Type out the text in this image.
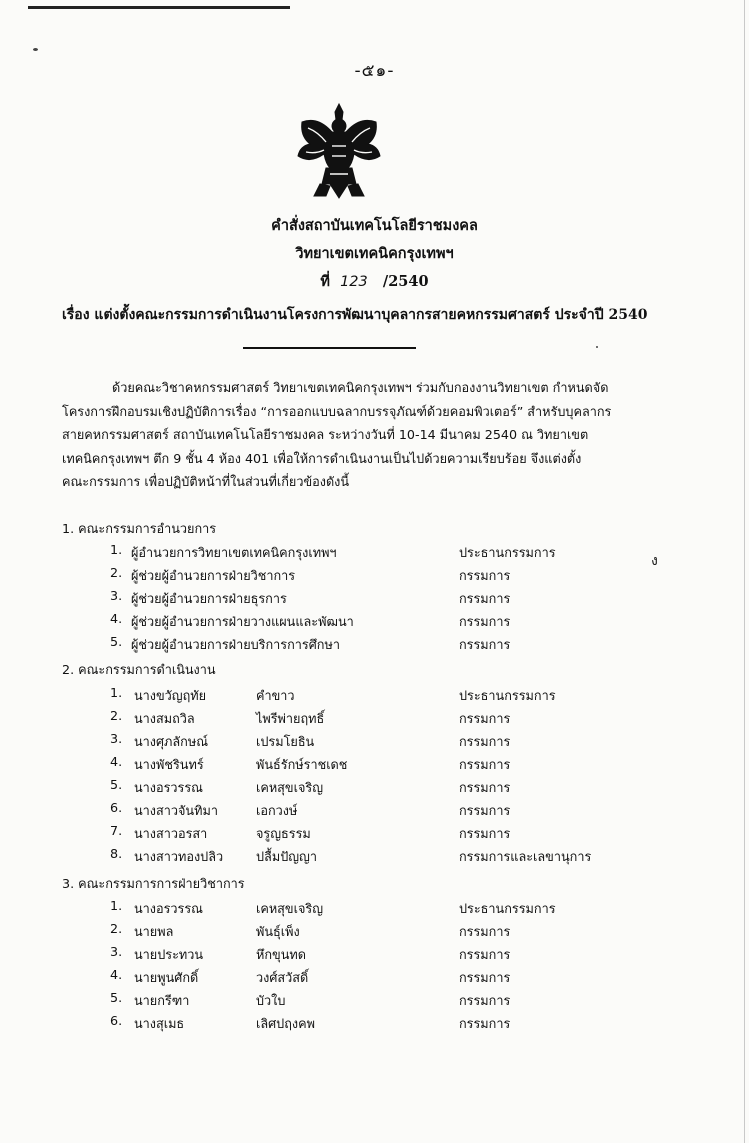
-๕๑-
คำสั่งสถาบันเทคโนโลยีราชมงคล
วิทยาเขตเทคนิคกรุงเทพฯ
ที่ 123 /2540
เรื่อง แต่งตั้งคณะกรรมการดำเนินงานโครงการพัฒนาบุคลากรสายคหกรรมศาสตร์ ประจำปี 2540
ด้วยคณะวิชาคหกรรมศาสตร์ วิทยาเขตเทคนิคกรุงเทพฯ ร่วมกับกองงานวิทยาเขต กำหนดจัด
โครงการฝึกอบรมเชิงปฏิบัติการเรื่อง “การออกแบบฉลากบรรจุภัณฑ์ด้วยคอมพิวเตอร์” สำหรับบุคลากร
สายคหกรรมศาสตร์ สถาบันเทคโนโลยีราชมงคล ระหว่างวันที่ 10-14 มีนาคม 2540 ณ วิทยาเขต
เทคนิคกรุงเทพฯ ตึก 9 ชั้น 4 ห้อง 401 เพื่อให้การดำเนินงานเป็นไปด้วยความเรียบร้อย จึงแต่งตั้ง
คณะกรรมการ เพื่อปฏิบัติหน้าที่ในส่วนที่เกี่ยวข้องดังนี้
ง
1. คณะกรรมการอำนวยการ
1. ผู้อำนวยการวิทยาเขตเทคนิคกรุงเทพฯ	ประธานกรรมการ
2. ผู้ช่วยผู้อำนวยการฝ่ายวิชาการ	กรรมการ
3. ผู้ช่วยผู้อำนวยการฝ่ายธุรการ	กรรมการ
4. ผู้ช่วยผู้อำนวยการฝ่ายวางแผนและพัฒนา	กรรมการ
5. ผู้ช่วยผู้อำนวยการฝ่ายบริการการศึกษา	กรรมการ
2. คณะกรรมการดำเนินงาน
1. นางขวัญฤทัย	คำขาว	ประธานกรรมการ
2. นางสมถวิล	ไพรีพ่ายฤทธิ์	กรรมการ
3. นางศุภลักษณ์	เปรมโยธิน	กรรมการ
4. นางพัชรินทร์	พันธ์รักษ์ราชเดช	กรรมการ
5. นางอรวรรณ	เคหสุขเจริญ	กรรมการ
6. นางสาวจันทิมา	เอกวงษ์	กรรมการ
7. นางสาวอรสา	จรูญธรรม	กรรมการ
8. นางสาวทองปลิว	ปลื้มปัญญา	กรรมการและเลขานุการ
3. คณะกรรมการการฝ่ายวิชาการ
1. นางอรวรรณ	เคหสุขเจริญ	ประธานกรรมการ
2. นายพล	พันธุ์เพ็ง	กรรมการ
3. นายประทวน	หึกขุนทด	กรรมการ
4. นายพูนศักดิ์	วงศ์สวัสดิ์	กรรมการ
5. นายกรีฑา	บัวใบ	กรรมการ
6. นางสุเมธ	เลิศปฤงคพ	กรรมการ
